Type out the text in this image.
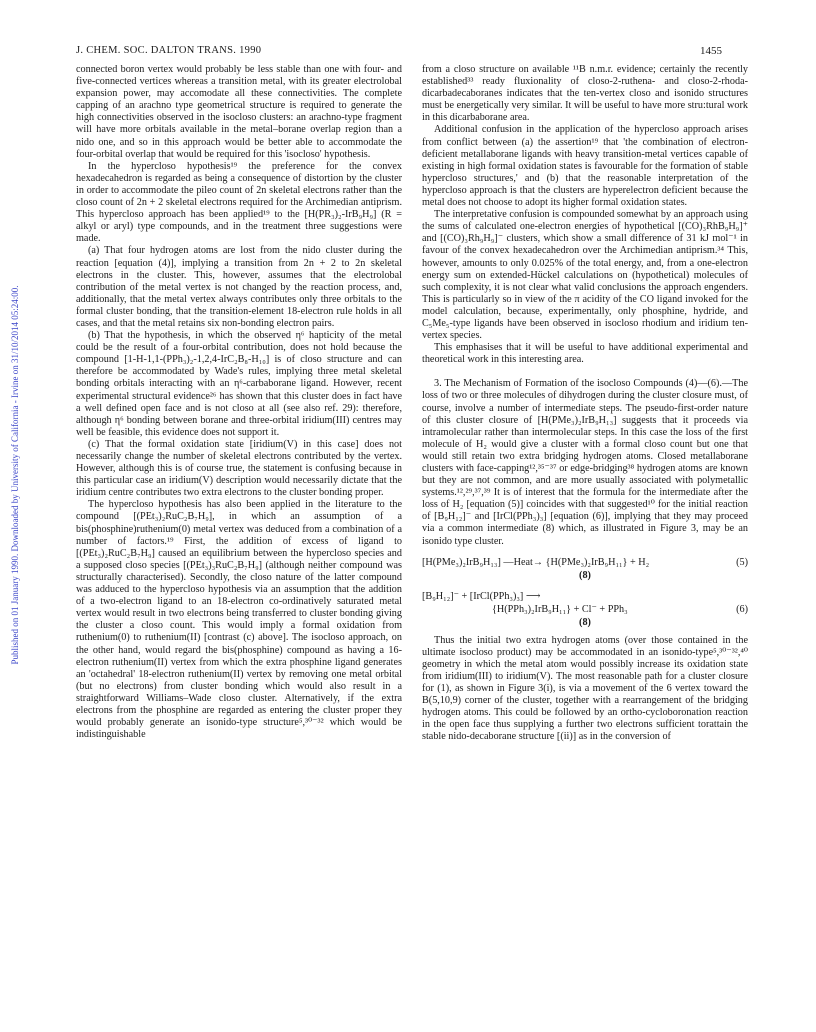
J. CHEM. SOC. DALTON TRANS. 1990	1455
Published on 01 January 1990. Downloaded by University of California - Irvine on 31/10/2014 05:24:00.

connected boron vertex would probably be less stable than one with four- and five-connected vertices whereas a transition metal, with its greater electrolobal expansion power, may accomodate all these connectivities. The complete capping of an arachno type geometrical structure is required to generate the high connectivities observed in the isocloso clusters: an arachno-type fragment will have more orbitals available in the metal–borane overlap region than a nido one, and so in this approach would be better able to accommodate the four-orbital overlap that would be required for this 'isocloso' hypothesis.

In the hypercloso hypothesis¹⁹ the preference for the convex hexadecahedron is regarded as being a consequence of distortion by the cluster in order to accommodate the pileo count of 2n skeletal electrons rather than the closo count of 2n + 2 skeletal electrons required for the Archimedian antiprism. This hypercloso approach has been applied¹⁹ to the [H(PR₃)₂-IrB₉H₉] (R = alkyl or aryl) type compounds, and in the treatment three suggestions were made.

(a) That four hydrogen atoms are lost from the nido cluster during the reaction [equation (4)], implying a transition from 2n + 2 to 2n skeletal electrons in the cluster. This, however, assumes that the electrolobal contribution of the metal vertex is not changed by the reaction process, and, additionally, that the metal vertex always contributes only three orbitals to the formal cluster bonding, that the transition-element 18-electron rule holds in all cases, and that the metal retains six non-bonding electron pairs.

(b) That the hypothesis, in which the observed η⁶ hapticity of the metal could be the result of a four-orbital contribution, does not hold because the compound [1-H-1,1-(PPh₃)₂-1,2,4-IrC₂B₈-H₁₀] is of closo structure and can therefore be accommodated by Wade's rules, implying three metal skeletal bonding orbitals interacting with an η⁶-carbaborane ligand. However, recent experimental structural evidence²⁶ has shown that this cluster does in fact have a well defined open face and is not closo at all (see also ref. 29): therefore, although η⁶ bonding between borane and three-orbital iridium(III) centres may well be feasible, this evidence does not support it.

(c) That the formal oxidation state [iridium(V) in this case] does not necessarily change the number of skeletal electrons contributed by the vertex. However, although this is of course true, the statement is confusing because in this particular case an iridium(V) description would necessarily dictate that the iridium centre contributes two extra electrons to the cluster bonding proper.

The hypercloso hypothesis has also been applied in the literature to the compound [(PEt₃)₂RuC₂B₇H₉], in which an assumption of a bis(phosphine)ruthenium(0) metal vertex was deduced from a combination of a number of factors.¹⁹ First, the addition of excess of ligand to [(PEt₃)₂RuC₂B₇H₉] caused an equilibrium between the hypercloso species and a supposed closo species [(PEt₃)₃RuC₂B₇H₉] (although neither compound was structurally characterised). Secondly, the closo nature of the latter compound was adduced to the hypercloso hypothesis via an assumption that the addition of a two-electron ligand to an 18-electron co-ordinatively saturated metal vertex would result in two electrons being transferred to cluster bonding giving the cluster a closo count. This would imply a formal oxidation from ruthenium(0) to ruthenium(II) [contrast (c) above]. The isocloso approach, on the other hand, would regard the bis(phosphine) compound as having a 16-electron ruthenium(II) vertex from which the extra phosphine ligand generates an 'octahedral' 18-electron ruthenium(II) vertex by removing one metal orbital (but no electrons) from cluster bonding which would also result in a straightforward Williams–Wade closo cluster. Alternatively, if the extra electrons from the phosphine are regarded as entering the cluster proper they would probably generate an isonido-type structure⁵,³⁰⁻³² which would be indistinguishable

from a closo structure on available ¹¹B n.m.r. evidence; certainly the recently established³³ ready fluxionality of closo-2-ruthena- and closo-2-rhoda-dicarbadecaboranes indicates that the ten-vertex closo and isonido structures must be energetically very similar. It will be useful to have more stru:tural work in this dicarbaborane area.

Additional confusion in the application of the hypercloso approach arises from conflict between (a) the assertion¹⁹ that 'the combination of electron-deficient metallaborane ligands with heavy transition-metal vertices capable of existing in high formal oxidation states is favourable for the formation of stable hypercloso structures,' and (b) that the reasonable interpretation of the hypercloso approach is that the clusters are hyperelectron deficient because the metal does not choose to adopt its higher formal oxidation states.

The interpretative confusion is compounded somewhat by an approach using the sums of calculated one-electron energies of hypothetical [(CO)₃RhB₉H₉]⁺ and [(CO)₃Rh₉H₉]⁻ clusters, which show a small difference of 31 kJ mol⁻¹ in favour of the convex hexadecahedron over the Archimedian antiprism.³⁴ This, however, amounts to only 0.025% of the total energy, and, from a one-electron energy sum on extended-Hückel calculations on (hypothetical) molecules of such complexity, it is not clear what valid conclusions the approach engenders. This is particularly so in view of the π acidity of the CO ligand invoked for the model calculation, because, experimentally, only phosphine, hydride, and C₅Me₅-type ligands have been observed in isocloso rhodium and iridium ten-vertex species.

This emphasises that it will be useful to have additional experimental and theoretical work in this interesting area.

3. The Mechanism of Formation of the isocloso Compounds (4)—(6).—The loss of two or three molecules of dihydrogen during the cluster closure must, of course, involve a number of intermediate steps. The pseudo-first-order nature of this cluster closure of [H(PMe₃)₂IrB₉H₁₃] suggests that it proceeds via intramolecular rather than intermolecular steps. In this case the loss of the first molecule of H₂ would give a cluster with a formal closo count but one that would still retain two extra bridging hydrogen atoms. Closed metallaborane clusters with face-capping¹²,³⁵⁻³⁷ or edge-bridging³⁸ hydrogen atoms are known but they are not common, and are more usually associated with polymetallic systems.¹²,²⁹,³⁷,³⁹ It is of interest that the formula for the intermediate after the loss of H₂ [equation (5)] coincides with that suggested¹⁰ for the initial reaction of [B₉H₁₂]⁻ and [IrCl(PPh₃)₃] [equation (6)], implying that they may proceed via a common intermediate (8) which, as illustrated in Figure 3, may be an isonido type cluster.

[H(PMe₃)₂IrB₉H₁₃] —Heat→ {H(PMe₃)₂IrB₉H₁₁} + H₂	(5)
(8)
[B₉H₁₂]⁻ + [IrCl(PPh₃)₃] ⟶
{H(PPh₃)₂IrB₉H₁₁} + Cl⁻ + PPh₃	(6)
(8)

Thus the initial two extra hydrogen atoms (over those contained in the ultimate isocloso product) may be accommodated in an isonido-type⁵,³⁰⁻³²,⁴⁰ geometry in which the metal atom would possibly increase its oxidation state from iridium(III) to iridium(V). The most reasonable path for a cluster closure for (1), as shown in Figure 3(i), is via a movement of the 6 vertex toward the B(5,10,9) corner of the cluster, together with a rearrangement of the bridging hydrogen atoms. This could be followed by an ortho-cycloboronation reaction in the open face thus supplying a further two electrons sufficient torattain the stable nido-decaborane structure [(ii)] as in the conversion of
